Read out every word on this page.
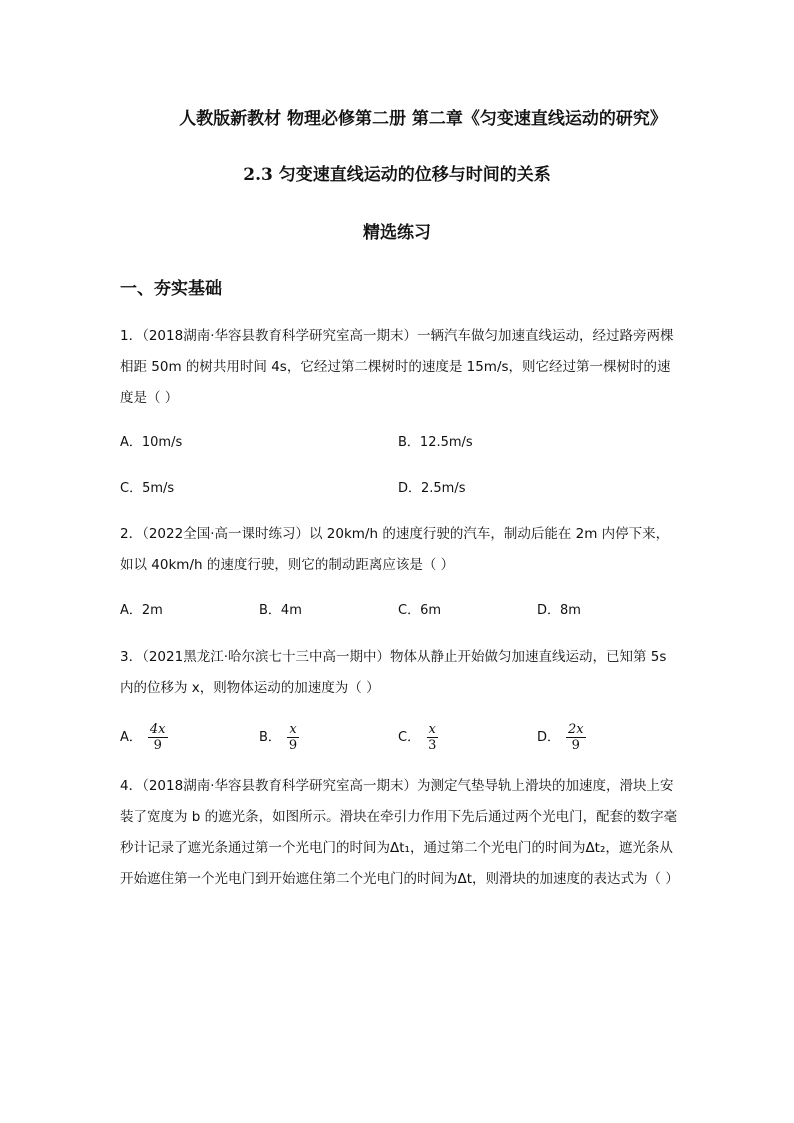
人教版新教材 物理必修第二册 第二章《匀变速直线运动的研究》
2.3 匀变速直线运动的位移与时间的关系
精选练习
一、夯实基础
1．（2018湖南·华容县教育科学研究室高一期末）一辆汽车做匀加速直线运动，经过路旁两棵相距 50m 的树共用时间 4s，它经过第二棵树时的速度是 15m/s，则它经过第一棵树时的速度是（ ）
A．10m/s	B．12.5m/s
C．5m/s	D．2.5m/s
2．（2022全国·高一课时练习）以 20km/h 的速度行驶的汽车，制动后能在 2m 内停下来，如以 40km/h 的速度行驶，则它的制动距离应该是（ ）
A．2m	B．4m	C．6m	D．8m
3．（2021黑龙江·哈尔滨七十三中高一期中）物体从静止开始做匀加速直线运动，已知第 5s 内的位移为 x，则物体运动的加速度为（ ）
A． $\frac{4x}{9}$	B． $\frac{x}{9}$	C． $\frac{x}{3}$	D． $\frac{2x}{9}$
4．（2018湖南·华容县教育科学研究室高一期末）为测定气垫导轨上滑块的加速度，滑块上安装了宽度为 b 的遮光条，如图所示。滑块在牵引力作用下先后通过两个光电门，配套的数字毫秒计记录了遮光条通过第一个光电门的时间为Δt₁，通过第二个光电门的时间为Δt₂，遮光条从开始遮住第一个光电门到开始遮住第二个光电门的时间为Δt，则滑块的加速度的表达式为（ ）
